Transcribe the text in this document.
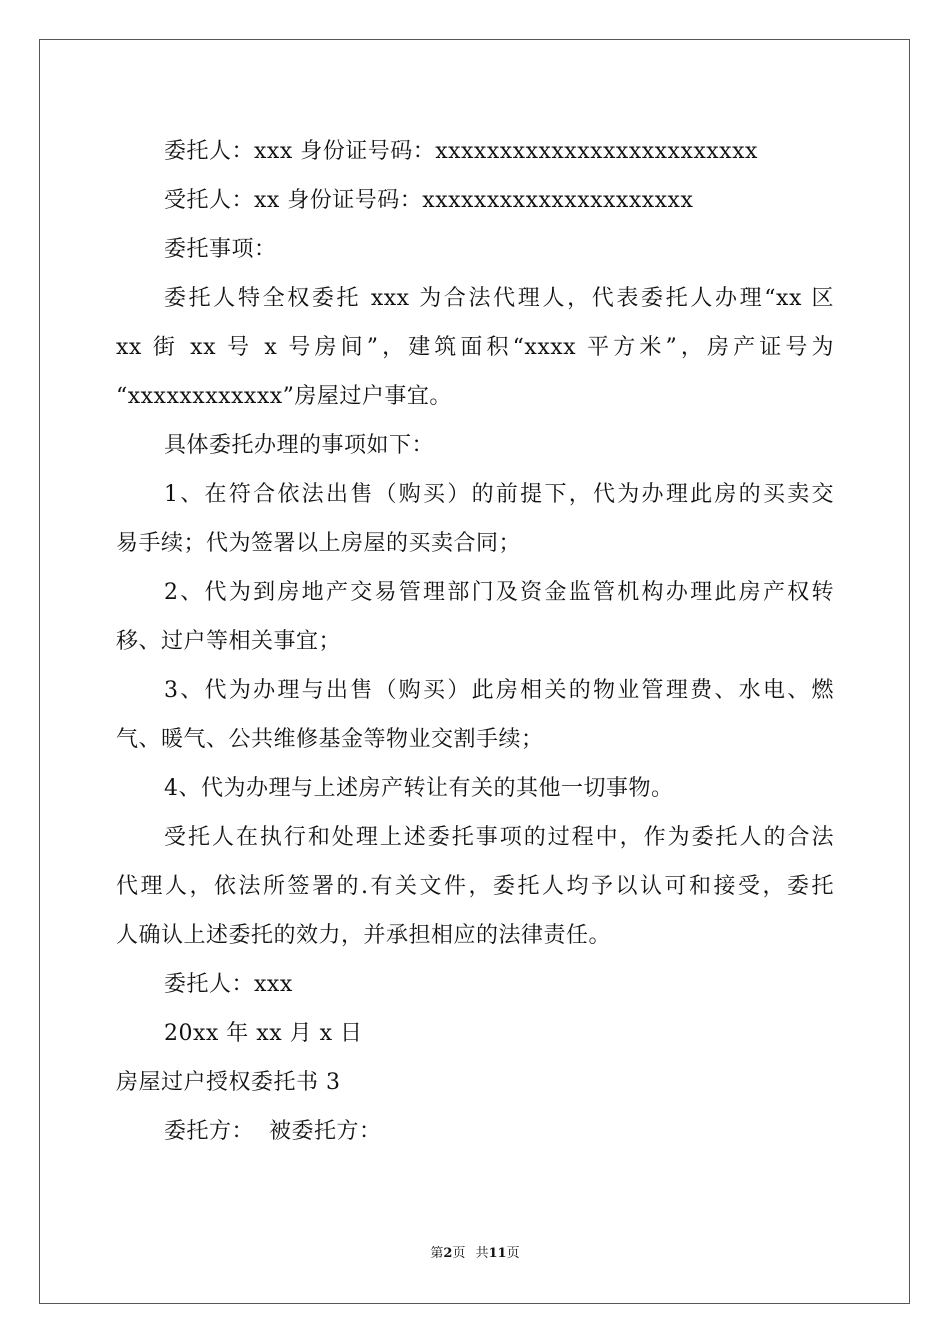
委托人：xxx 身份证号码：xxxxxxxxxxxxxxxxxxxxxxxxx
受托人：xx 身份证号码：xxxxxxxxxxxxxxxxxxxxx
委托事项：
委托人特全权委托 xxx 为合法代理人，代表委托人办理“xx 区
xx 街 xx 号 x 号房间”，建筑面积“xxxx 平方米”，房产证号为
“xxxxxxxxxxxx”房屋过户事宜。
具体委托办理的事项如下：
1、在符合依法出售（购买）的前提下，代为办理此房的买卖交
易手续；代为签署以上房屋的买卖合同；
2、代为到房地产交易管理部门及资金监管机构办理此房产权转
移、过户等相关事宜；
3、代为办理与出售（购买）此房相关的物业管理费、水电、燃
气、暖气、公共维修基金等物业交割手续；
4、代为办理与上述房产转让有关的其他一切事物。
受托人在执行和处理上述委托事项的过程中，作为委托人的合法
代理人，依法所签署的.有关文件，委托人均予以认可和接受，委托
人确认上述委托的效力，并承担相应的法律责任。
委托人：xxx
20xx 年 xx 月 x 日
房屋过户授权委托书 3
委托方：  被委托方：
第2页 共11页
